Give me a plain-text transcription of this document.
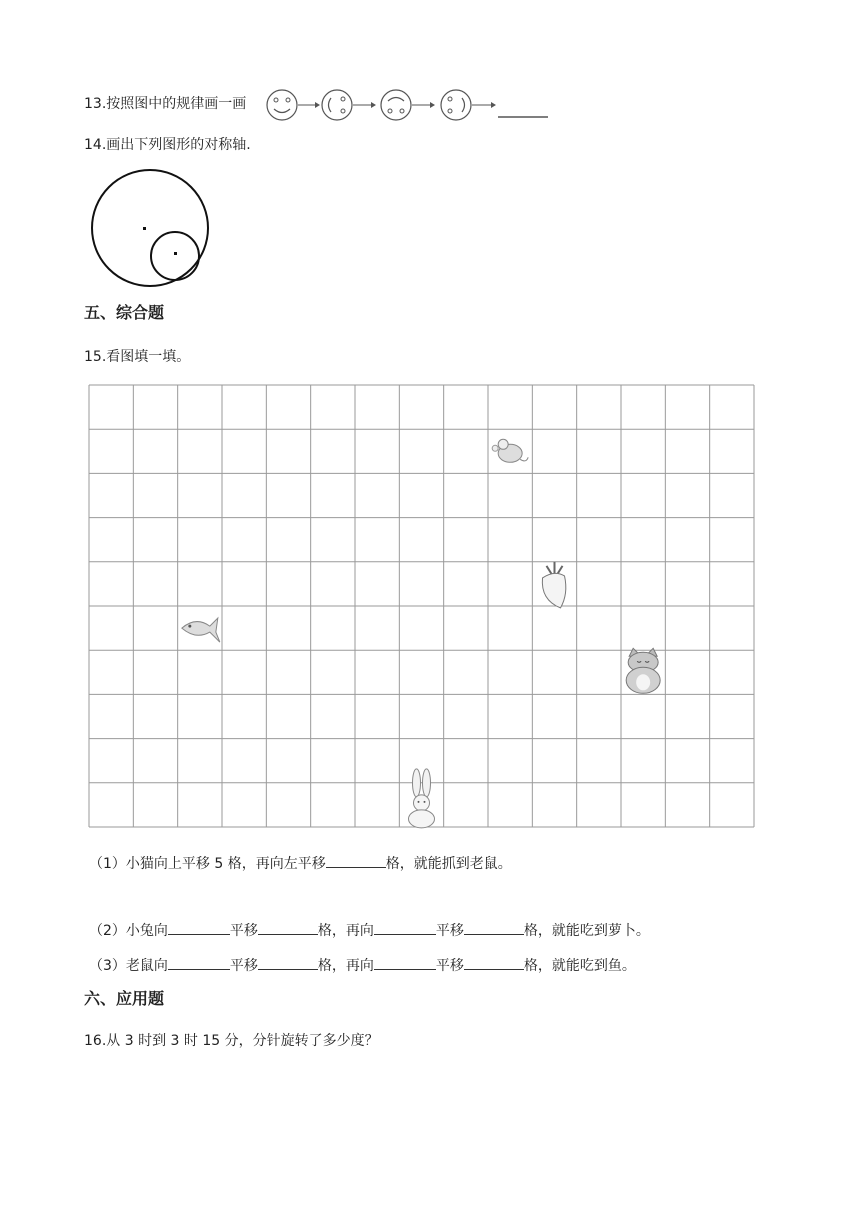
13.按照图中的规律画一画
14.画出下列图形的对称轴.
五、综合题
15.看图填一填。
（1）小猫向上平移 5 格，再向左平移	格，就能抓到老鼠。
（2）小兔向	平移	格，再向	平移	格，就能吃到萝卜。
（3）老鼠向	平移	格，再向	平移	格，就能吃到鱼。
六、应用题
16.从 3 时到 3 时 15 分，分针旋转了多少度？
